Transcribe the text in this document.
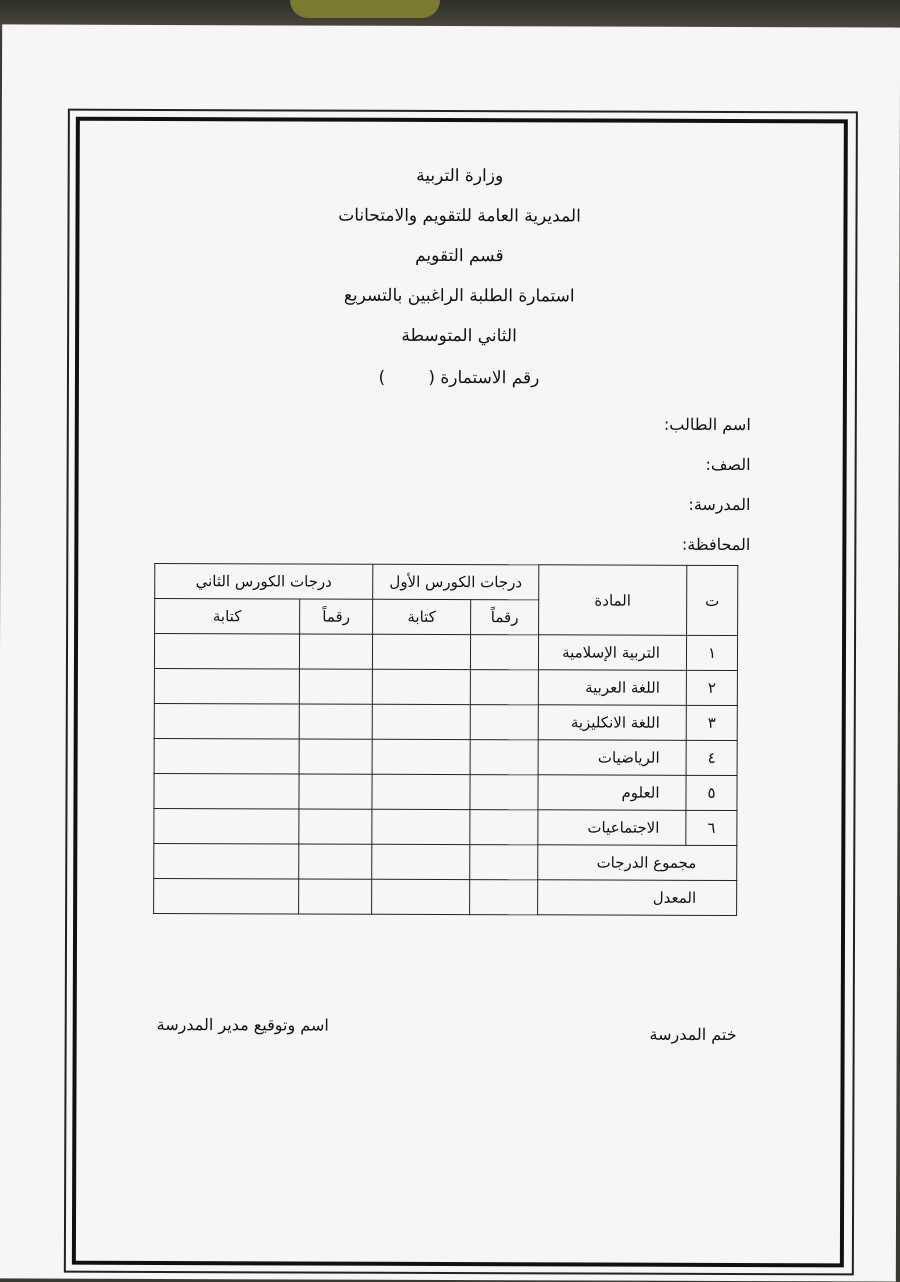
وزارة التربية
المديرية العامة للتقويم والامتحانات
قسم التقويم
استمارة الطلبة الراغبين بالتسريع
الثاني المتوسطة
رقم الاستمارة (        )
اسم الطالب:
الصف:
المدرسة:
المحافظة:
ت	المادة	درجات الكورس الأول		درجات الكورس الثاني	
		رقماً	كتابة	رقماً	كتابة
١	التربية الإسلامية				
٢	اللغة العربية				
٣	اللغة الانكليزية				
٤	الرياضيات				
٥	العلوم				
٦	الاجتماعيات				
مجموع الدرجات					
المعدل					
ختم المدرسة
اسم وتوقيع مدير المدرسة
